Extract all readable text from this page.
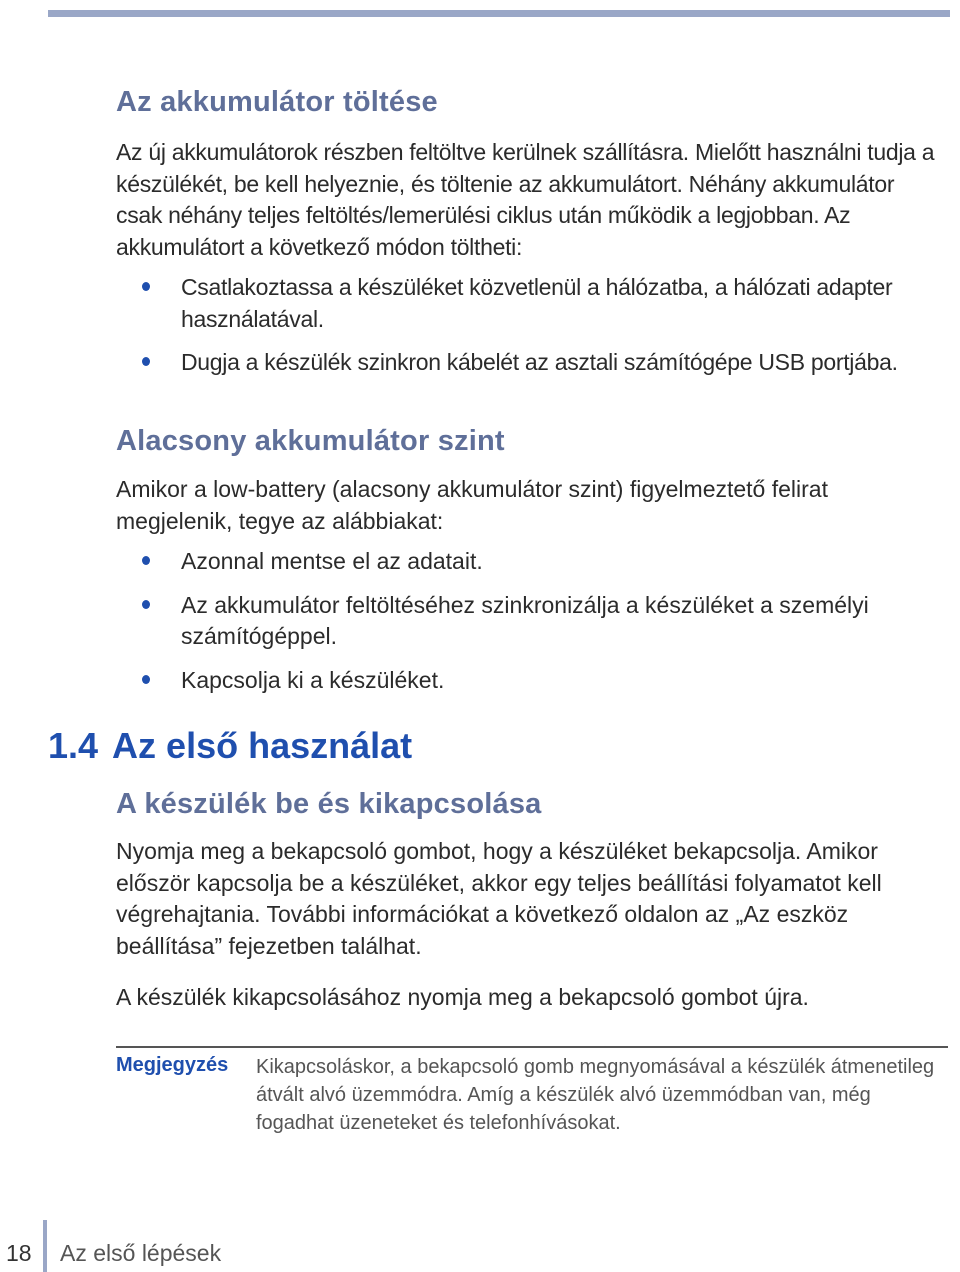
Az akkumulátor töltése

Az új akkumulátorok részben feltöltve kerülnek szállításra. Mielőtt használni tudja a készülékét, be kell helyeznie, és töltenie az akkumulátort. Néhány akkumulátor csak néhány teljes feltöltés/lemerülési ciklus után működik a legjobban. Az akkumulátort a következő módon töltheti:

Csatlakoztassa a készüléket közvetlenül a hálózatba, a hálózati adapter használatával.
Dugja a készülék szinkron kábelét az asztali számítógépe USB portjába.
Alacsony akkumulátor szint

Amikor a low-battery (alacsony akkumulátor szint) figyelmeztető felirat megjelenik, tegye az alábbiakat:

Azonnal mentse el az adatait.
Az akkumulátor feltöltéséhez szinkronizálja a készüléket a személyi számítógéppel.
Kapcsolja ki a készüléket.
1.4 Az első használat
A készülék be és kikapcsolása

Nyomja meg a bekapcsoló gombot, hogy a készüléket bekapcsolja. Amikor először kapcsolja be a készüléket, akkor egy teljes beállítási folyamatot kell végrehajtania. További információkat a következő oldalon az „Az eszköz beállítása” fejezetben találhat.

A készülék kikapcsolásához nyomja meg a bekapcsoló gombot újra.

Megjegyzés Kikapcsoláskor, a bekapcsoló gomb megnyomásával a készülék átmenetileg átvált alvó üzemmódra. Amíg a készülék alvó üzemmódban van, még fogadhat üzeneteket és telefonhívásokat.

18 Az első lépések
